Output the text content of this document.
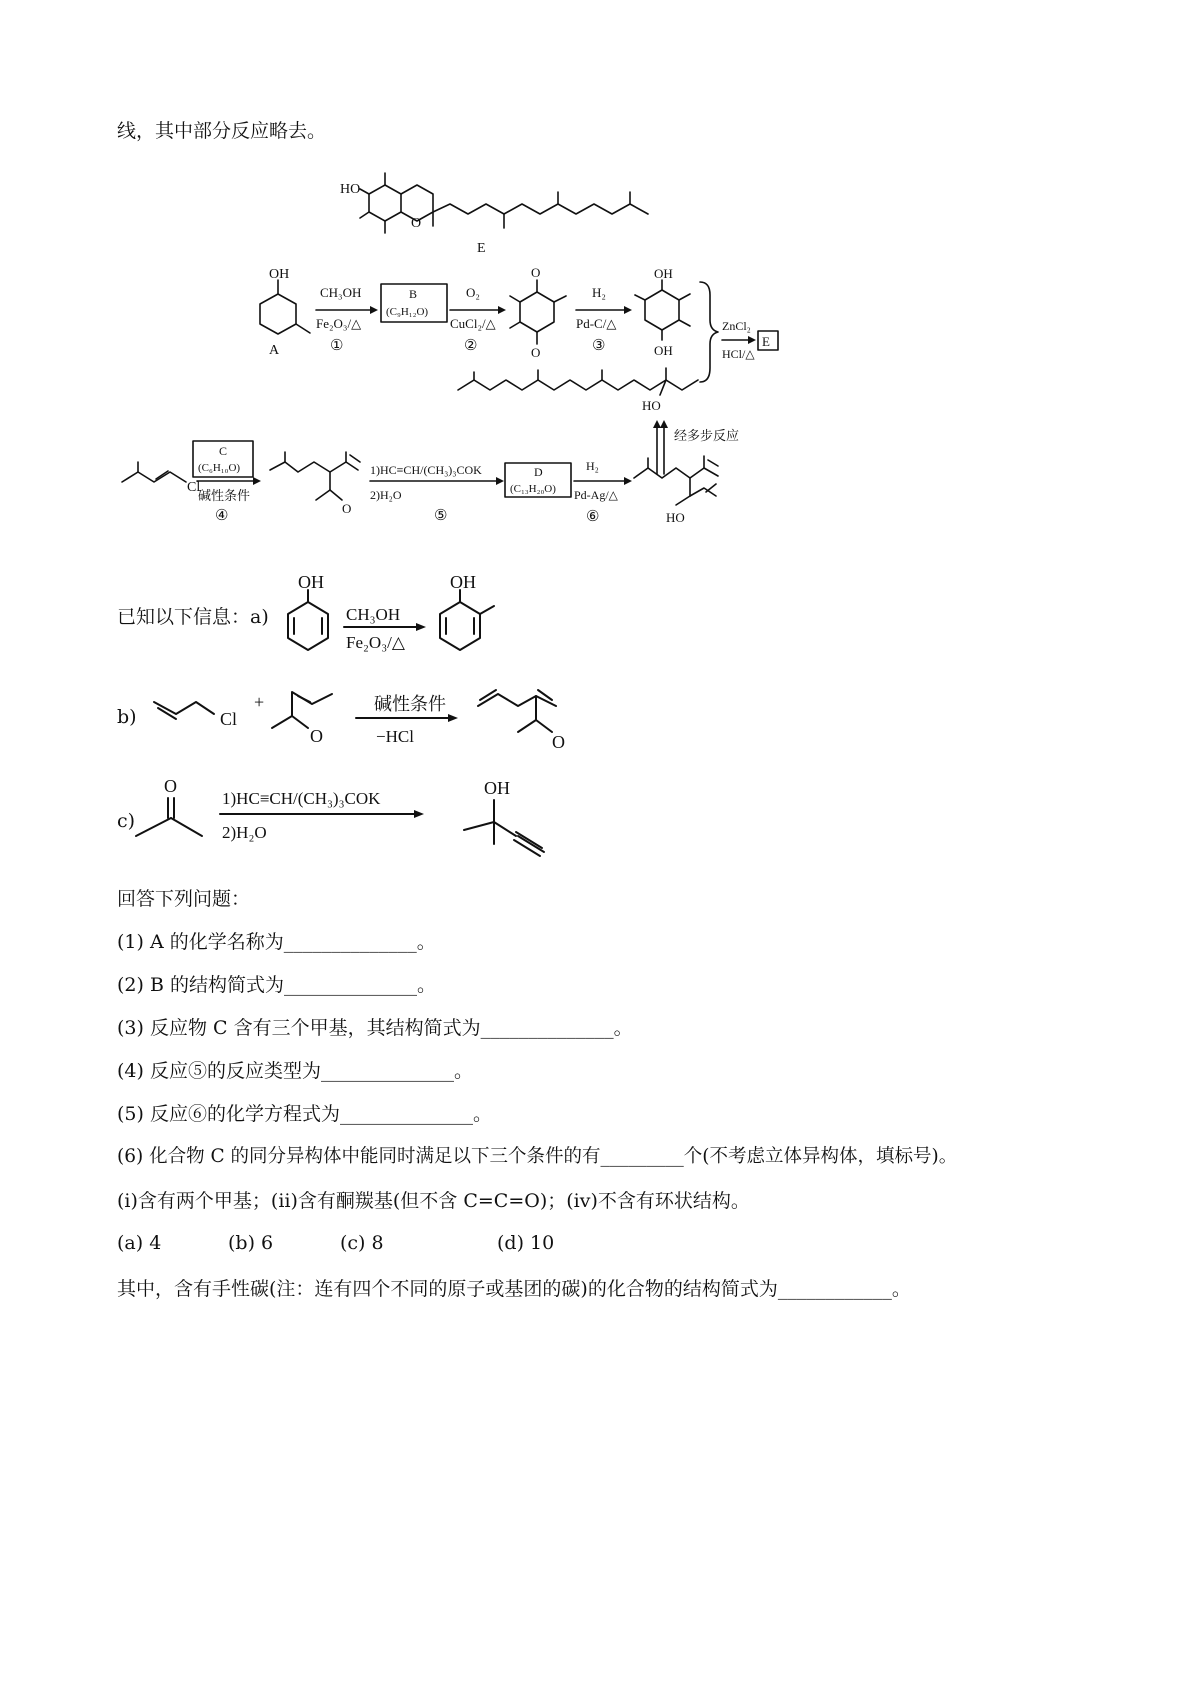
线，其中部分反应略去。
HO
O
E
OH
A
CH₃OH
Fe₂O₃/△
①
B
(C₉H₁₂O)
O₂
CuCl₂/△
②
O
O
H₂
Pd-C/△
③
OH
OH
HO
ZnCl₂
HCl/△
E
经多步反应
Cl
C
(C₆H₁₀O)
碱性条件
④	O
1)HC≡CH/(CH₃)₃COK
2)H₂O
⑤
D
(C₁₃H₂₀O)
H₂
Pd-Ag/△
⑥	HO
已知以下信息：a)
OH
CH₃OH
Fe₂O₃/△
OH
b)	Cl
+
O
碱性条件
−HCl	O
c)
O
1)HC≡CH/(CH₃)₃COK
2)H₂O
OH
回答下列问题：
(1) A 的化学名称为______________。
(2) B 的结构简式为______________。
(3) 反应物 C 含有三个甲基，其结构简式为______________。
(4) 反应⑤的反应类型为______________。
(5) 反应⑥的化学方程式为______________。
(6) 化合物 C 的同分异构体中能同时满足以下三个条件的有_________个(不考虑立体异构体，填标号)。
(ⅰ)含有两个甲基；(ⅱ)含有酮羰基(但不含 C=C=O)；(ⅳ)不含有环状结构。
(a) 4	(b) 6	(c) 8	(d) 10
其中，含有手性碳(注：连有四个不同的原子或基团的碳)的化合物的结构简式为____________。
